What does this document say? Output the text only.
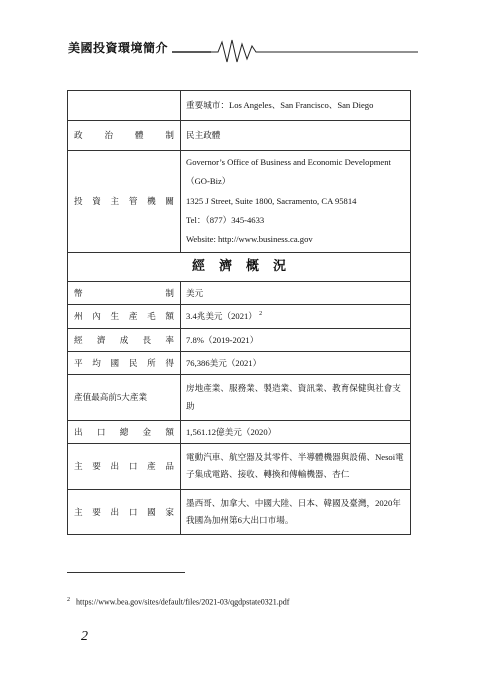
美國投資環境簡介
	重要城市：Los Angeles、San Francisco、San Diego

政治體制	民主政體

投資主管機關	Governor’s Office of Business and Economic Development
（GO-Biz）
1325 J Street, Suite 1800, Sacramento, CA 95814
Tel：（877）345-4633
Website: http://www.business.ca.gov

經濟概況	

幣制	美元

州內生產毛額	3.4兆美元（2021） $^2$

經濟成長率	7.8%（2019-2021）

平均國民所得	76,386美元（2021）
產值最高前5大產業	房地產業、服務業、製造業、資訊業、教育保健與社會支助

出口總金額	1,561.12億美元（2020）

主要出口產品	電動汽車、航空器及其零件、半導體機器與設備、Nesoi電子集成電路、接收、轉換和傳輸機器、杏仁

主要出口國家	墨西哥、加拿大、中國大陸、日本、韓國及臺灣，2020年我國為加州第6大出口市場。
$^2$ https://www.bea.gov/sites/default/files/2021-03/qgdpstate0321.pdf
2
